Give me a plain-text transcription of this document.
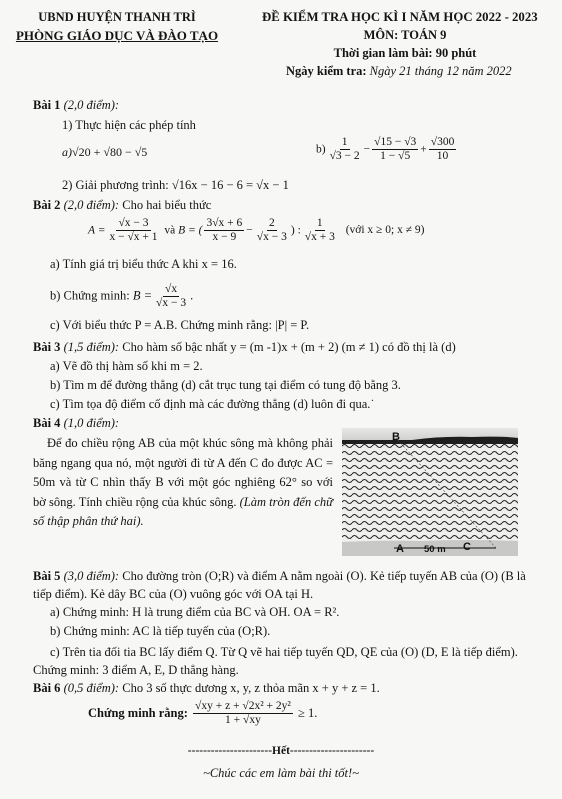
UBND HUYỆN THANH TRÌ
PHÒNG GIÁO DỤC VÀ ĐÀO TẠO
ĐỀ KIỂM TRA HỌC KÌ I NĂM HỌC 2022 - 2023
MÔN: TOÁN 9
Thời gian làm bài: 90 phút
Ngày kiểm tra: Ngày 21 tháng 12 năm 2022
Bài 1 (2,0 điểm):
1) Thực hiện các phép tính
a)√20 + √80 − √5	$b) \frac{1}{√3 - 2} - \frac{√15 - √3}{1 - √5} + \frac{√300}{10}$
2) Giải phương trình: √16x − 16 − 6 = √x − 1
Bài 2 (2,0 điểm): Cho hai biểu thức
$A = \frac{√x - 3}{x - √x + 1}$ và B = ( $\frac{3√x + 6}{x - 9} - \frac{2}{√x - 3}$ ) : $\frac{1}{√x + 3}$ (với x ≥ 0; x ≠ 9)
a) Tính giá trị biểu thức A khi x = 16.
b) Chứng minh: $B = \frac{√x}{√x - 3}$ .
c) Với biểu thức P = A.B. Chứng minh rằng: |P| = P.
Bài 3 (1,5 điểm): Cho hàm số bậc nhất y = (m -1)x + (m + 2) (m ≠ 1) có đồ thị là (d)
a) Vẽ đồ thị hàm số khi m = 2.
b) Tìm m để đường thẳng (d) cắt trục tung tại điểm có tung độ bằng 3.
c) Tìm tọa độ điểm cố định mà các đường thẳng (d) luôn đi qua.˙
Bài 4 (1,0 điểm):
Để đo chiều rộng AB của một khúc sông mà không phải băng ngang qua nó, một người đi từ A đến C đo được AC = 50m và từ C nhìn thấy B với một góc nghiêng 62° so với bờ sông. Tính chiều rộng của khúc sông. (Làm tròn đến chữ số thập phân thứ hai).
B
A 50 m C
Bài 5 (3,0 điểm): Cho đường tròn (O;R) và điểm A nằm ngoài (O). Kẻ tiếp tuyến AB của (O) (B là tiếp điểm). Kẻ dây BC của (O) vuông góc với OA tại H.
a) Chứng minh: H là trung điểm của BC và OH. OA = R².
b) Chứng minh: AC là tiếp tuyến của (O;R).
c) Trên tia đối tia BC lấy điểm Q. Từ Q vẽ hai tiếp tuyến QD, QE của (O) (D, E là tiếp điểm). Chứng minh: 3 điểm A, E, D thẳng hàng.
Bài 6 (0,5 điểm): Cho 3 số thực dương x, y, z thỏa mãn x + y + z = 1.
Chứng minh rằng: $\frac{\text{√xy + z + √2x² + 2y²}}{1 + √xy} \ge 1$.
----------------------Hết----------------------
~Chúc các em làm bài thi tốt!~
